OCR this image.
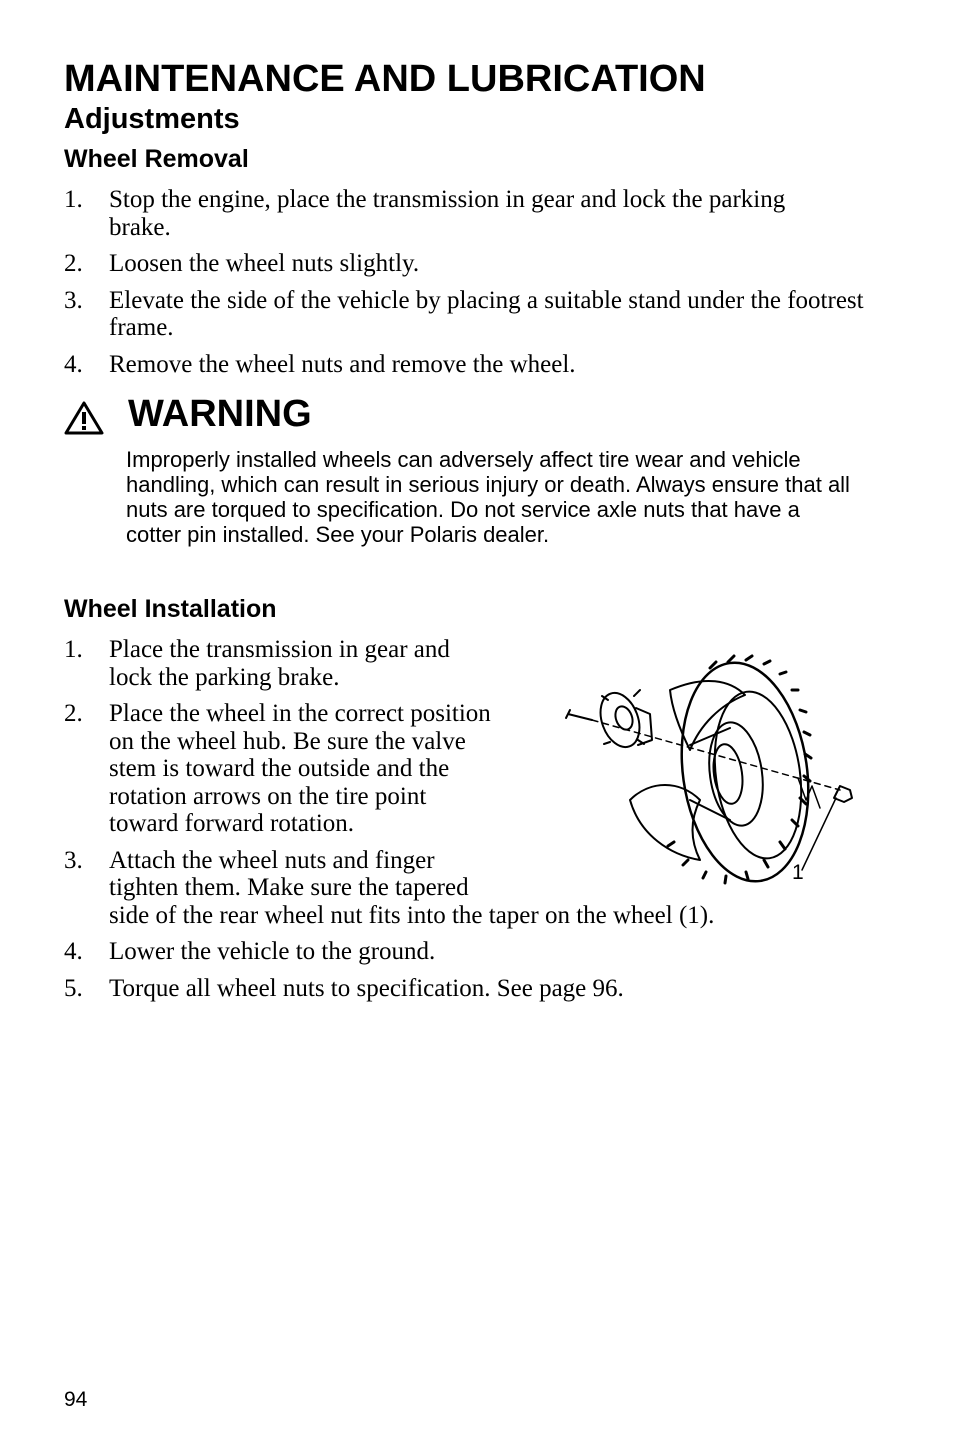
MAINTENANCE AND LUBRICATION
Adjustments
Wheel Removal
1. Stop the engine, place the transmission in gear and lock the parking brake.
2. Loosen the wheel nuts slightly.
3. Elevate the side of the vehicle by placing a suitable stand under the footrest frame.
4. Remove the wheel nuts and remove the wheel.
WARNING
Improperly installed wheels can adversely affect tire wear and vehicle handling, which can result in serious injury or death. Always ensure that all nuts are torqued to specification. Do not service axle nuts that have a cotter pin installed. See your Polaris dealer.
Wheel Installation
1. Place the transmission in gear and lock the parking brake.
2. Place the wheel in the correct position on the wheel hub. Be sure the valve stem is toward the outside and the rotation arrows on the tire point toward forward rotation.
3. Attach the wheel nuts and finger tighten them. Make sure the tapered side of the rear wheel nut fits into the taper on the wheel (1).
4. Lower the vehicle to the ground.
5. Torque all wheel nuts to specification. See page 96.
1
94
